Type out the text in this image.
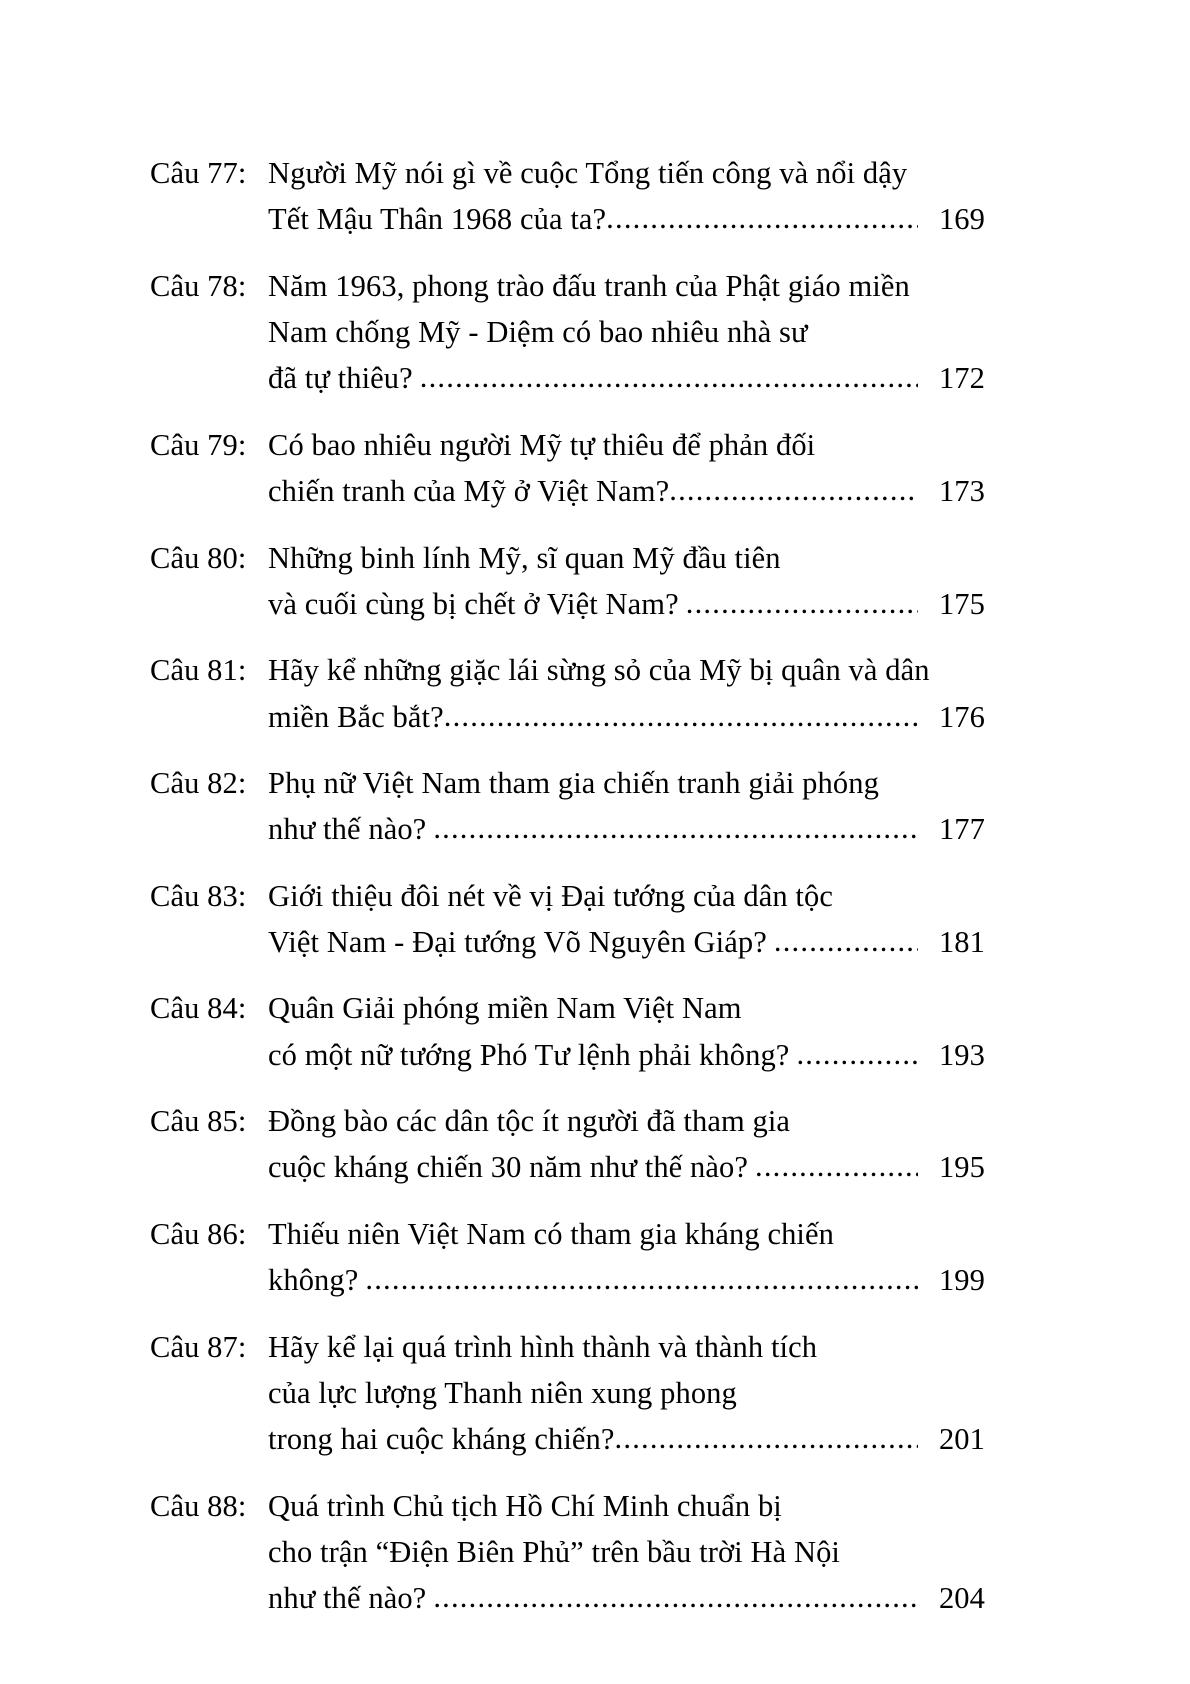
Câu 77: Người Mỹ nói gì về cuộc Tổng tiến công và nổi dậy
Tết Mậu Thân 1968 của ta? .....	169
Câu 78: Năm 1963, phong trào đấu tranh của Phật giáo miền
Nam chống Mỹ - Diệm có bao nhiêu nhà sư
đã tự thiêu? .....	172
Câu 79: Có bao nhiêu người Mỹ tự thiêu để phản đối
chiến tranh của Mỹ ở Việt Nam? .....	173
Câu 80: Những binh lính Mỹ, sĩ quan Mỹ đầu tiên
và cuối cùng bị chết ở Việt Nam? .....	175
Câu 81: Hãy kể những giặc lái sừng sỏ của Mỹ bị quân và dân
miền Bắc bắt? .....	176
Câu 82: Phụ nữ Việt Nam tham gia chiến tranh giải phóng
như thế nào? .....	177
Câu 83: Giới thiệu đôi nét về vị Đại tướng của dân tộc
Việt Nam - Đại tướng Võ Nguyên Giáp? .....	181
Câu 84: Quân Giải phóng miền Nam Việt Nam
có một nữ tướng Phó Tư lệnh phải không? .....	193
Câu 85: Đồng bào các dân tộc ít người đã tham gia
cuộc kháng chiến 30 năm như thế nào? .....	195
Câu 86: Thiếu niên Việt Nam có tham gia kháng chiến
không? .....	199
Câu 87: Hãy kể lại quá trình hình thành và thành tích
của lực lượng Thanh niên xung phong
trong hai cuộc kháng chiến? .....	201
Câu 88: Quá trình Chủ tịch Hồ Chí Minh chuẩn bị
cho trận “Điện Biên Phủ” trên bầu trời Hà Nội
như thế nào? .....	204
